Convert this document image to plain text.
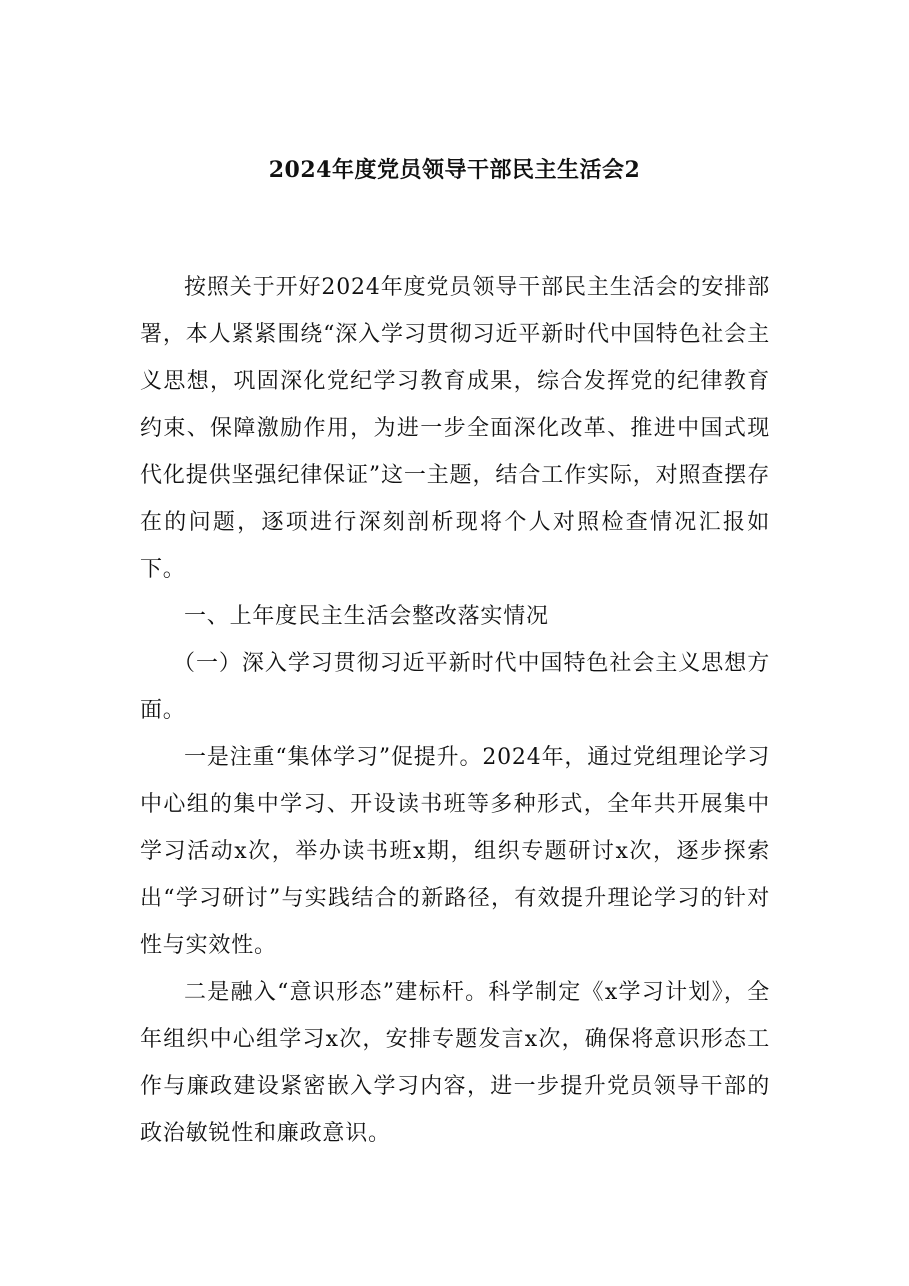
2024年度党员领导干部民主生活会2

按照关于开好2024年度党员领导干部民主生活会的安排部署，本人紧紧围绕“深入学习贯彻习近平新时代中国特色社会主义思想，巩固深化党纪学习教育成果，综合发挥党的纪律教育约束、保障激励作用，为进一步全面深化改革、推进中国式现代化提供坚强纪律保证”这一主题，结合工作实际，对照查摆存在的问题，逐项进行深刻剖析现将个人对照检查情况汇报如下。

一、上年度民主生活会整改落实情况

（一）深入学习贯彻习近平新时代中国特色社会主义思想方面。

一是注重“集体学习”促提升。2024年，通过党组理论学习中心组的集中学习、开设读书班等多种形式，全年共开展集中学习活动x次，举办读书班x期，组织专题研讨x次，逐步探索出“学习研讨”与实践结合的新路径，有效提升理论学习的针对性与实效性。

二是融入“意识形态”建标杆。科学制定《x学习计划》，全年组织中心组学习x次，安排专题发言x次，确保将意识形态工作与廉政建设紧密嵌入学习内容，进一步提升党员领导干部的政治敏锐性和廉政意识。
